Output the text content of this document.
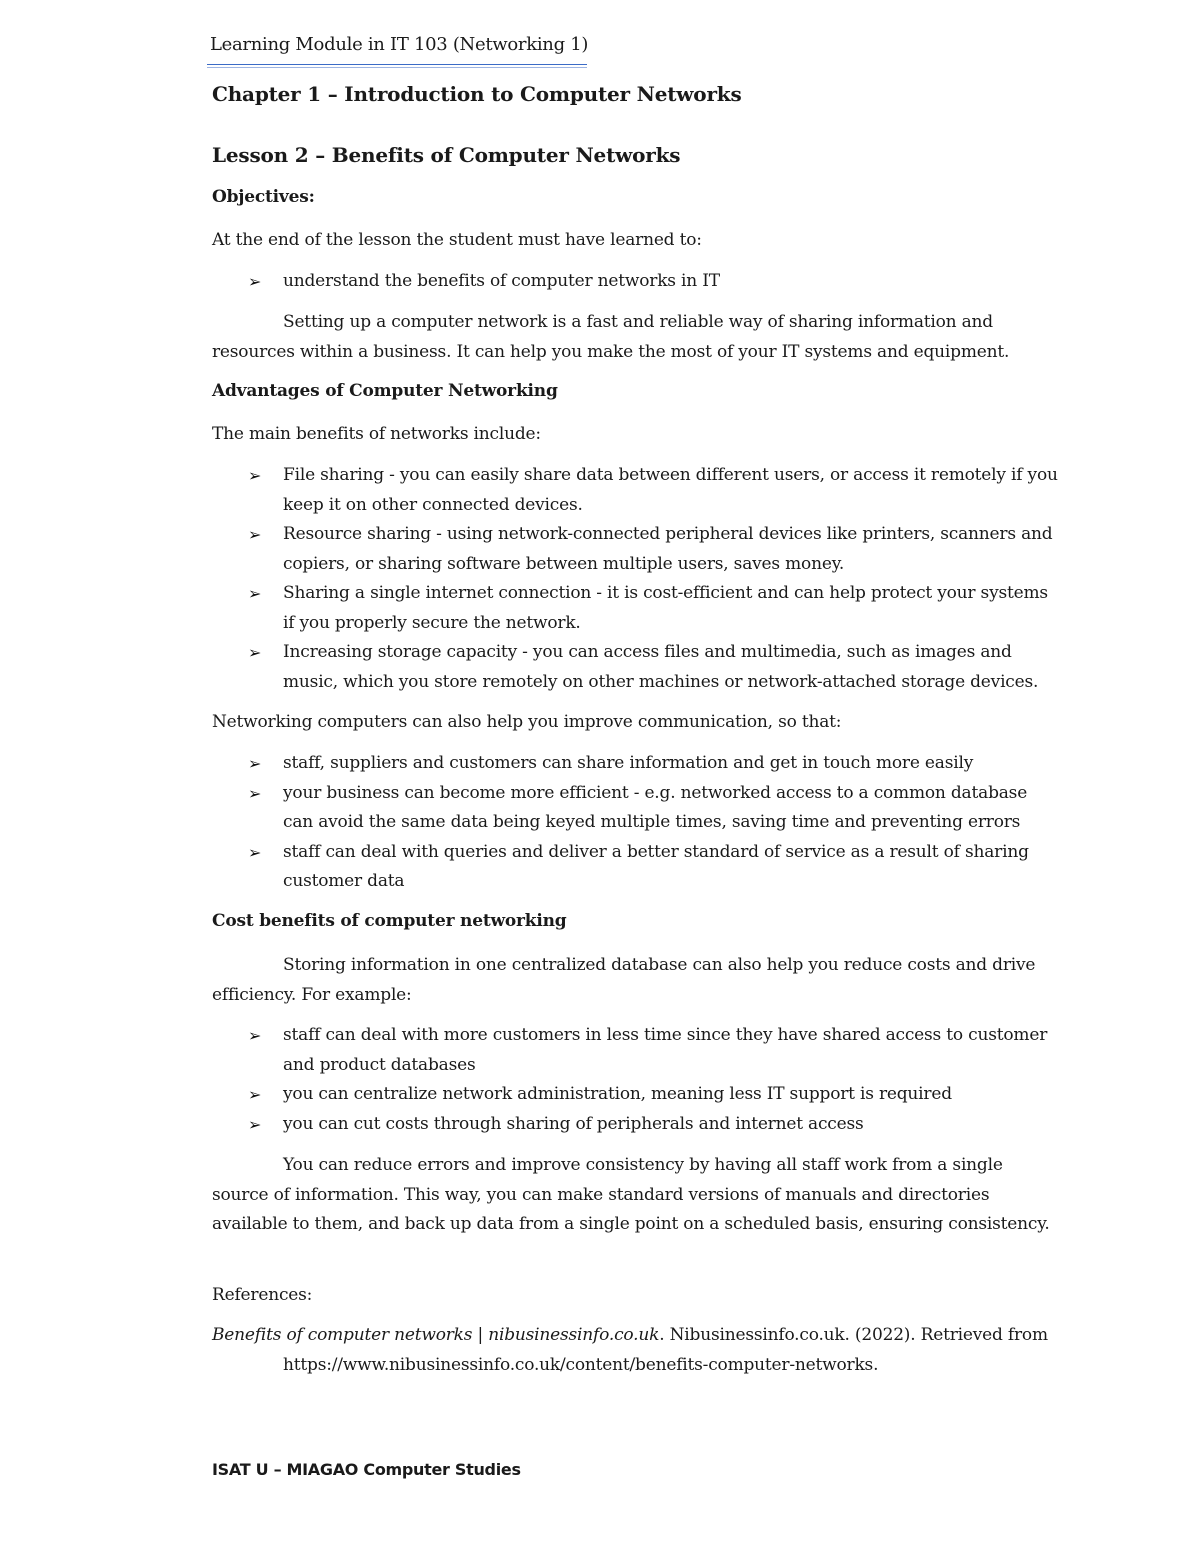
Learning Module in IT 103 (Networking 1)
Chapter 1 – Introduction to Computer Networks
Lesson 2 – Benefits of Computer Networks
Objectives:
At the end of the lesson the student must have learned to:
➢ understand the benefits of computer networks in IT
Setting up a computer network is a fast and reliable way of sharing information and resources within a business. It can help you make the most of your IT systems and equipment.
Advantages of Computer Networking
The main benefits of networks include:
➢ File sharing - you can easily share data between different users, or access it remotely if you keep it on other connected devices.
➢ Resource sharing - using network-connected peripheral devices like printers, scanners and copiers, or sharing software between multiple users, saves money.
➢ Sharing a single internet connection - it is cost-efficient and can help protect your systems if you properly secure the network.
➢ Increasing storage capacity - you can access files and multimedia, such as images and music, which you store remotely on other machines or network-attached storage devices.
Networking computers can also help you improve communication, so that:
➢ staff, suppliers and customers can share information and get in touch more easily
➢ your business can become more efficient - e.g. networked access to a common database can avoid the same data being keyed multiple times, saving time and preventing errors
➢ staff can deal with queries and deliver a better standard of service as a result of sharing customer data
Cost benefits of computer networking
Storing information in one centralized database can also help you reduce costs and drive efficiency. For example:
➢ staff can deal with more customers in less time since they have shared access to customer and product databases
➢ you can centralize network administration, meaning less IT support is required
➢ you can cut costs through sharing of peripherals and internet access
You can reduce errors and improve consistency by having all staff work from a single source of information. This way, you can make standard versions of manuals and directories available to them, and back up data from a single point on a scheduled basis, ensuring consistency.
References:
Benefits of computer networks | nibusinessinfo.co.uk. Nibusinessinfo.co.uk. (2022). Retrieved from https://www.nibusinessinfo.co.uk/content/benefits-computer-networks.
ISAT U – MIAGAO Computer Studies
